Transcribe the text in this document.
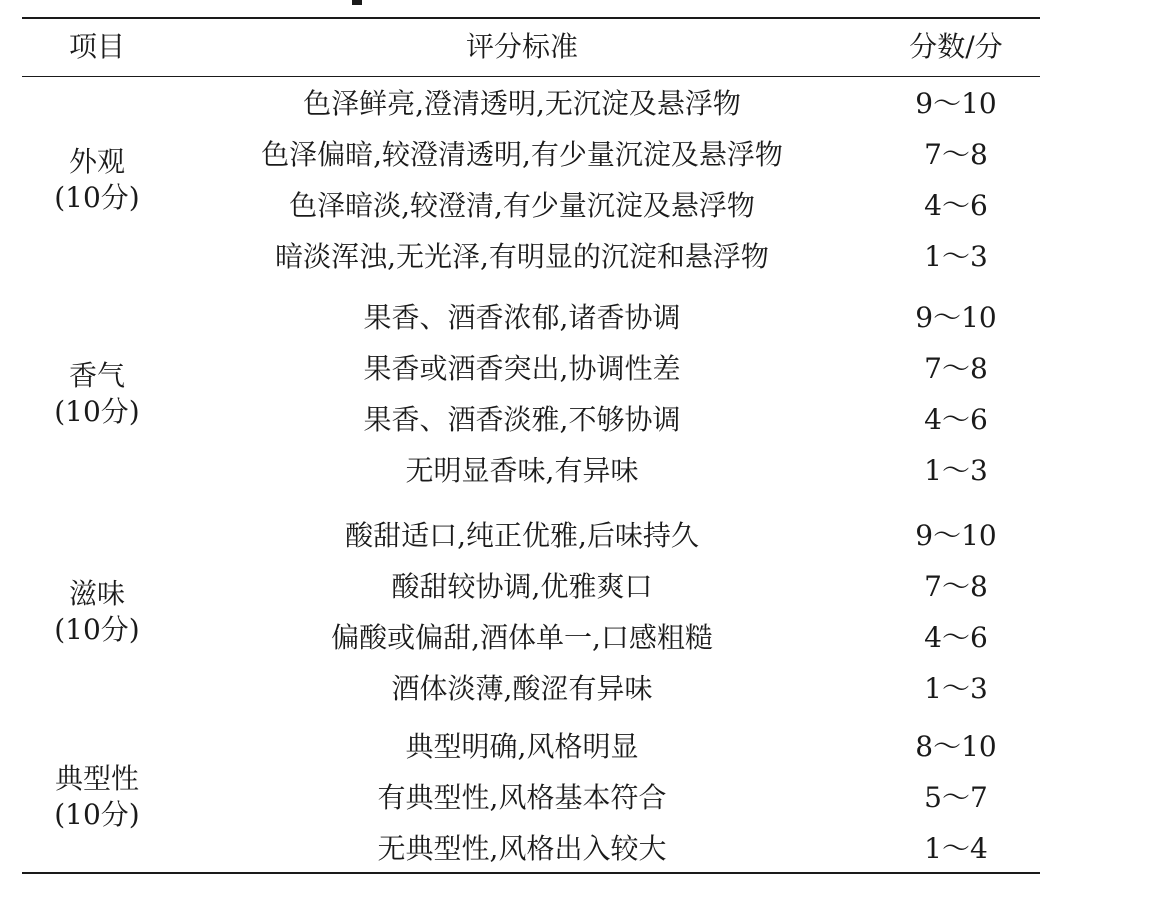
项目	评分标准	分数/分
外观
(10分)
色泽鲜亮,澄清透明,无沉淀及悬浮物	9～10
色泽偏暗,较澄清透明,有少量沉淀及悬浮物	7～8
色泽暗淡,较澄清,有少量沉淀及悬浮物	4～6
暗淡浑浊,无光泽,有明显的沉淀和悬浮物	1～3
香气
(10分)
果香、酒香浓郁,诸香协调	9～10
果香或酒香突出,协调性差	7～8
果香、酒香淡雅,不够协调	4～6
无明显香味,有异味	1～3
滋味
(10分)
酸甜适口,纯正优雅,后味持久	9～10
酸甜较协调,优雅爽口	7～8
偏酸或偏甜,酒体单一,口感粗糙	4～6
酒体淡薄,酸涩有异味	1～3
典型性
(10分)
典型明确,风格明显	8～10
有典型性,风格基本符合	5～7
无典型性,风格出入较大	1～4
